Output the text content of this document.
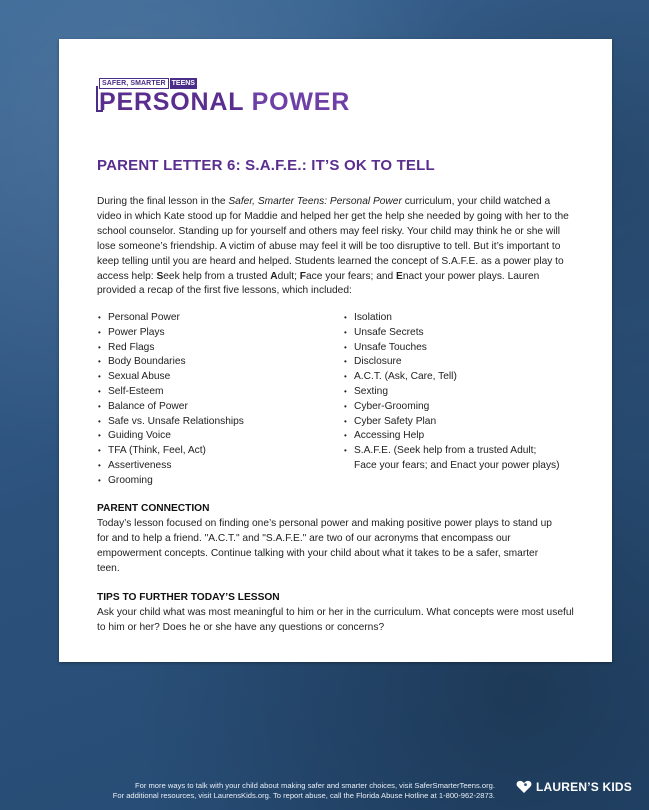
SAFER, SMARTER TEENS
PERSONAL POWER
PARENT LETTER 6: S.A.F.E.: IT’S OK TO TELL

During the final lesson in the Safer, Smarter Teens: Personal Power curriculum, your child watched a video in which Kate stood up for Maddie and helped her get the help she needed by going with her to the school counselor. Standing up for yourself and others may feel risky. Your child may think he or she will lose someone’s friendship. A victim of abuse may feel it will be too disruptive to tell. But it’s important to keep telling until you are heard and helped. Students learned the concept of S.A.F.E. as a power play to access help: Seek help from a trusted Adult; Face your fears; and Enact your power plays. Lauren provided a recap of the first five lessons, which included:

• Personal Power
• Power Plays
• Red Flags
• Body Boundaries
• Sexual Abuse
• Self-Esteem
• Balance of Power
• Safe vs. Unsafe Relationships
• Guiding Voice
• TFA (Think, Feel, Act)
• Assertiveness
• Grooming
• Isolation
• Unsafe Secrets
• Unsafe Touches
• Disclosure
• A.C.T. (Ask, Care, Tell)
• Sexting
• Cyber-Grooming
• Cyber Safety Plan
• Accessing Help
• S.A.F.E. (Seek help from a trusted Adult;
Face your fears; and Enact your power plays)
PARENT CONNECTION

Today’s lesson focused on finding one’s personal power and making positive power plays to stand up for and to help a friend. "A.C.T." and "S.A.F.E." are two of our acronyms that encompass our empowerment concepts. Continue talking with your child about what it takes to be a safer, smarter teen.

TIPS TO FURTHER TODAY’S LESSON

Ask your child what was most meaningful to him or her in the curriculum. What concepts were most useful to him or her? Does he or she have any questions or concerns?

For more ways to talk with your child about making safer and smarter choices, visit SaferSmarterTeens.org.
For additional resources, visit LaurensKids.org. To report abuse, call the Florida Abuse Hotline at 1-800-962-2873.

LAUREN’S KIDS
